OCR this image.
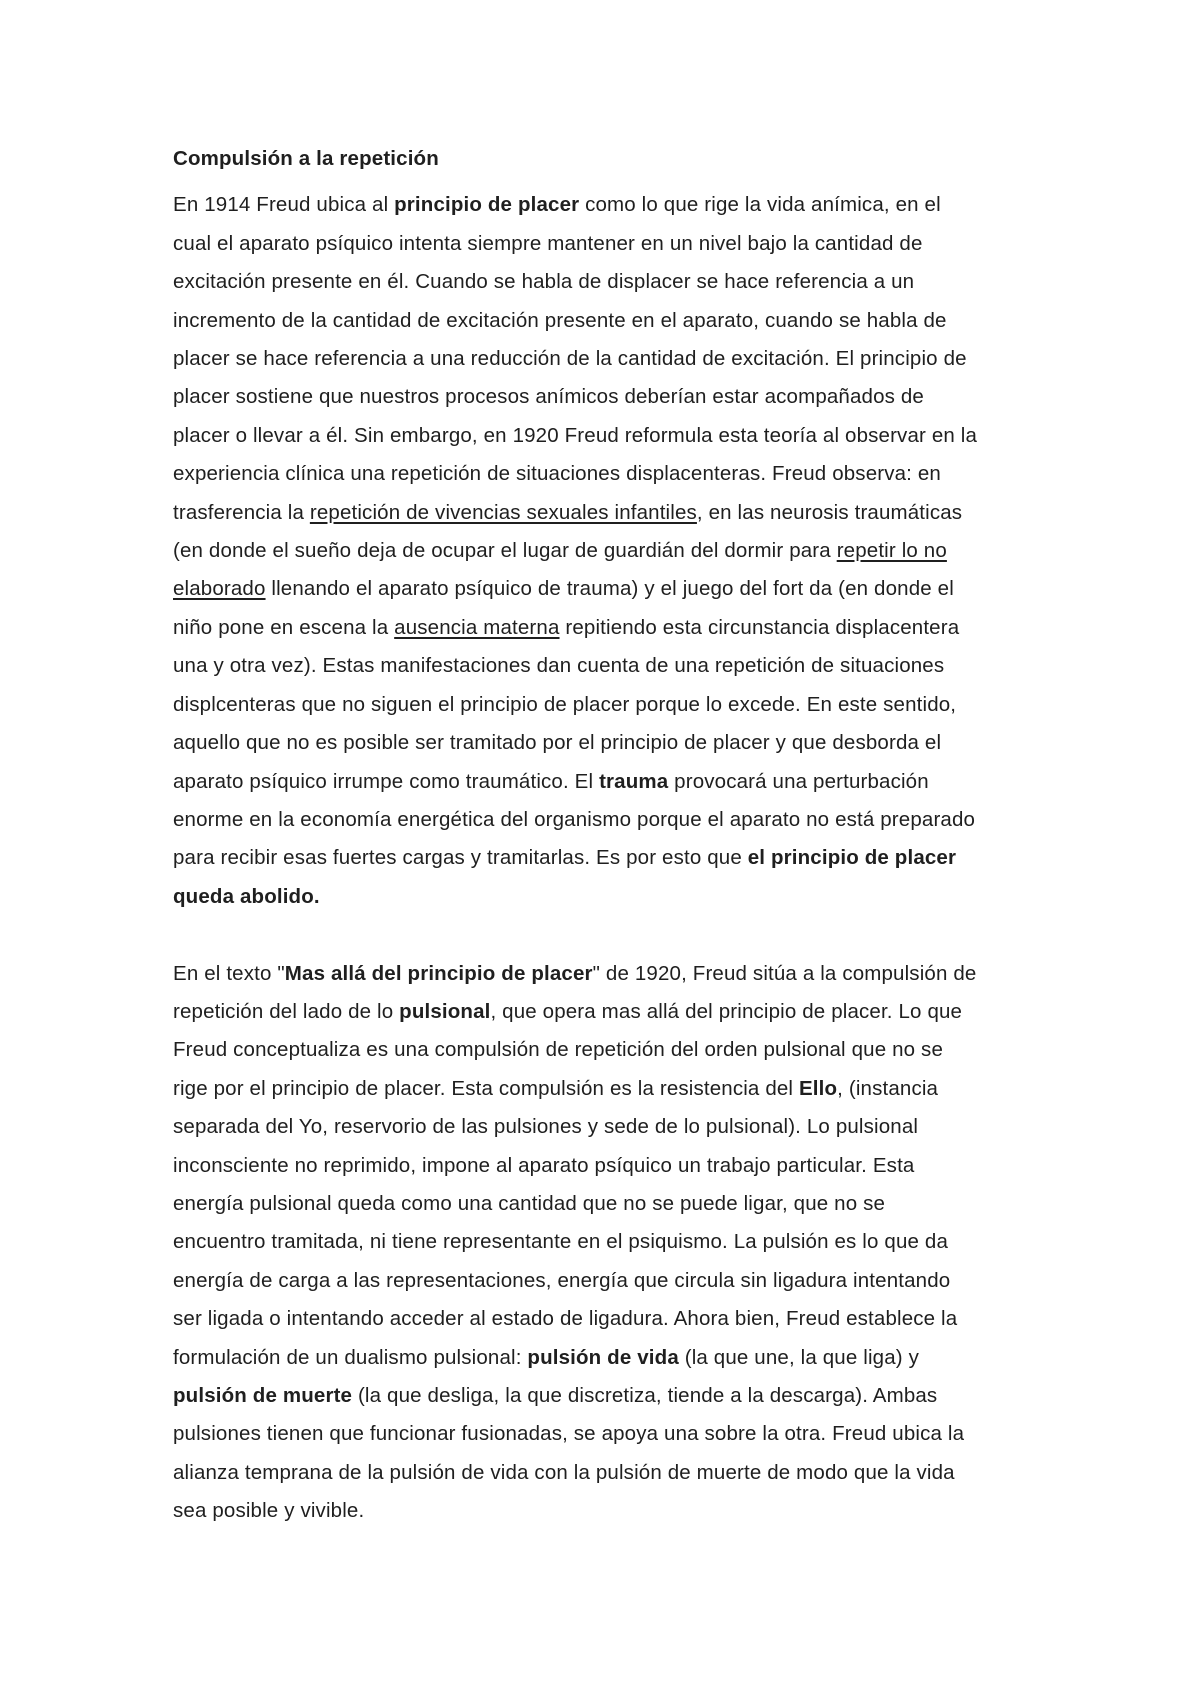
Compulsión a la repetición
En 1914 Freud ubica al principio de placer como lo que rige la vida anímica, en el
cual el aparato psíquico intenta siempre mantener en un nivel bajo la cantidad de
excitación presente en él. Cuando se habla de displacer se hace referencia a un
incremento de la cantidad de excitación presente en el aparato, cuando se habla de
placer se hace referencia a una reducción de la cantidad de excitación. El principio de
placer sostiene que nuestros procesos anímicos deberían estar acompañados de
placer o llevar a él. Sin embargo, en 1920 Freud reformula esta teoría al observar en la
experiencia clínica una repetición de situaciones displacenteras. Freud observa: en
trasferencia la repetición de vivencias sexuales infantiles, en las neurosis traumáticas
(en donde el sueño deja de ocupar el lugar de guardián del dormir para repetir lo no
elaborado llenando el aparato psíquico de trauma) y el juego del fort da (en donde el
niño pone en escena la ausencia materna repitiendo esta circunstancia displacentera
una y otra vez). Estas manifestaciones dan cuenta de una repetición de situaciones
displcenteras que no siguen el principio de placer porque lo excede. En este sentido,
aquello que no es posible ser tramitado por el principio de placer y que desborda el
aparato psíquico irrumpe como traumático. El trauma provocará una perturbación
enorme en la economía energética del organismo porque el aparato no está preparado
para recibir esas fuertes cargas y tramitarlas. Es por esto que el principio de placer
queda abolido.
En el texto "Mas allá del principio de placer" de 1920, Freud sitúa a la compulsión de
repetición del lado de lo pulsional, que opera mas allá del principio de placer. Lo que
Freud conceptualiza es una compulsión de repetición del orden pulsional que no se
rige por el principio de placer. Esta compulsión es la resistencia del Ello, (instancia
separada del Yo, reservorio de las pulsiones y sede de lo pulsional). Lo pulsional
inconsciente no reprimido, impone al aparato psíquico un trabajo particular. Esta
energía pulsional queda como una cantidad que no se puede ligar, que no se
encuentro tramitada, ni tiene representante en el psiquismo. La pulsión es lo que da
energía de carga a las representaciones, energía que circula sin ligadura intentando
ser ligada o intentando acceder al estado de ligadura. Ahora bien, Freud establece la
formulación de un dualismo pulsional: pulsión de vida (la que une, la que liga) y
pulsión de muerte (la que desliga, la que discretiza, tiende a la descarga). Ambas
pulsiones tienen que funcionar fusionadas, se apoya una sobre la otra. Freud ubica la
alianza temprana de la pulsión de vida con la pulsión de muerte de modo que la vida
sea posible y vivible.
